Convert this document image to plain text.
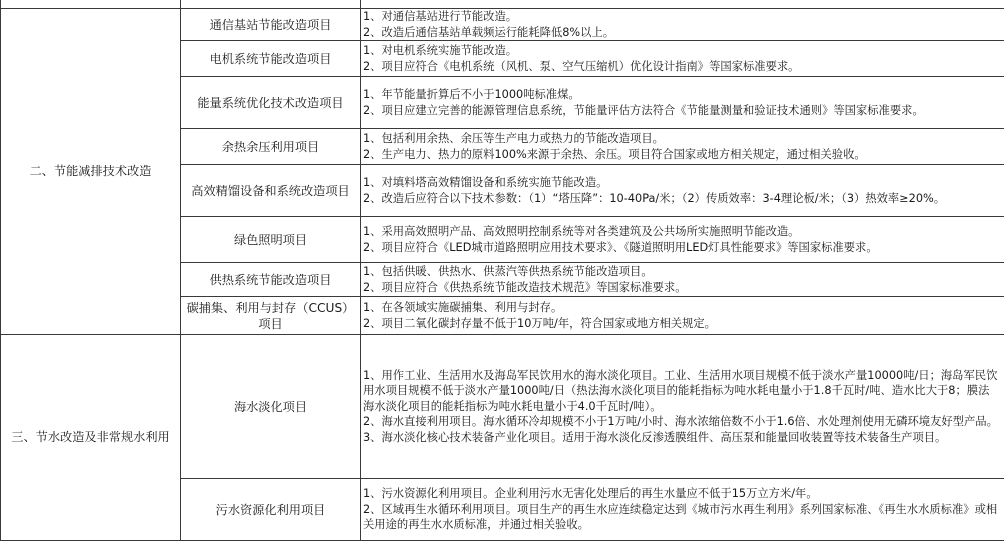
二、节能减排技术改造	通信基站节能改造项目	1、对通信基站进行节能改造。
2、改造后通信基站单载频运行能耗降低8%以上。

	电机系统节能改造项目	1、对电机系统实施节能改造。
2、项目应符合《电机系统（风机、泵、空气压缩机）优化设计指南》等国家标准要求。

	能量系统优化技术改造项目	1、年节能量折算后不小于1000吨标准煤。
2、项目应建立完善的能源管理信息系统，节能量评估方法符合《节能量测量和验证技术通则》等国家标准要求。

	余热余压利用项目	1、包括利用余热、余压等生产电力或热力的节能改造项目。
2、生产电力、热力的原料100%来源于余热、余压。项目符合国家或地方相关规定，通过相关验收。

	高效精馏设备和系统改造项目	1、对填料塔高效精馏设备和系统实施节能改造。
2、改造后应符合以下技术参数：（1）“塔压降”：10-40Pa/米；（2）传质效率：3-4理论板/米；（3）热效率≥20%。

	绿色照明项目	1、采用高效照明产品、高效照明控制系统等对各类建筑及公共场所实施照明节能改造。
2、项目应符合《LED城市道路照明应用技术要求》、《隧道照明用LED灯具性能要求》等国家标准要求。

	供热系统节能改造项目	1、包括供暖、供热水、供蒸汽等供热系统节能改造项目。
2、项目应符合《供热系统节能改造技术规范》等国家标准要求。

	碳捕集、利用与封存（CCUS）项目	1、在各领域实施碳捕集、利用与封存。
2、项目二氧化碳封存量不低于10万吨/年，符合国家或地方相关规定。

三、节水改造及非常规水利用	海水淡化项目	1、用作工业、生活用水及海岛军民饮用水的海水淡化项目。工业、生活用水项目规模不低于淡水产量10000吨/日；海岛军民饮用水项目规模不低于淡水产量1000吨/日（热法海水淡化项目的能耗指标为吨水耗电量小于1.8千瓦时/吨、造水比大于8；膜法海水淡化项目的能耗指标为吨水耗电量小于4.0千瓦时/吨）。
2、海水直接利用项目。海水循环冷却规模不小于1万吨/小时、海水浓缩倍数不小于1.6倍、水处理剂使用无磷环境友好型产品。
3、海水淡化核心技术装备产业化项目。适用于海水淡化反渗透膜组件、高压泵和能量回收装置等技术装备生产项目。

	污水资源化利用项目	1、污水资源化利用项目。企业利用污水无害化处理后的再生水量应不低于15万立方米/年。
2、区域再生水循环利用项目。项目生产的再生水应连续稳定达到《城市污水再生利用》系列国家标准、《再生水水质标准》或相关用途的再生水水质标准，并通过相关验收。
